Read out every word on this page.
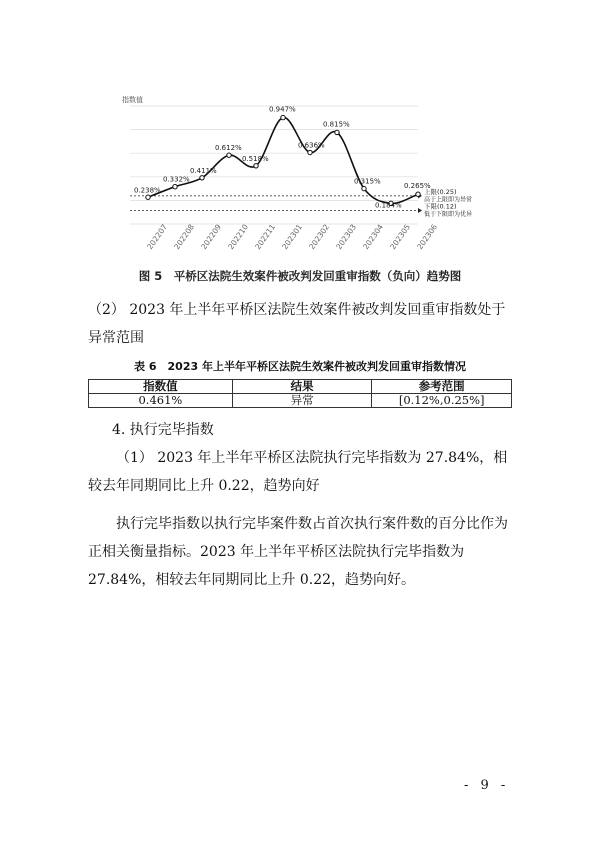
指数值
上限(0.25)
高于上限即为异常
下限(0.12)
低于下限即为优异
0.238%
0.332%
0.411%
0.612%
0.518%
0.947%
0.636%
0.815%
0.315%
0.184%
0.265%
202207 202208 202209 202210 202211 202301 202302 202303 202304 202305 202306
图 5　平桥区法院生效案件被改判发回重审指数（负向）趋势图
（2） 2023 年上半年平桥区法院生效案件被改判发回重审指数处于异常范围
表 6　2023 年上半年平桥区法院生效案件被改判发回重审指数情况
指数值	结果	参考范围
0.461%	异常	[0.12%,0.25%]
4. 执行完毕指数
（1） 2023 年上半年平桥区法院执行完毕指数为 27.84%，相较去年同期同比上升 0.22，趋势向好
执行完毕指数以执行完毕案件数占首次执行案件数的百分比作为正相关衡量指标。2023 年上半年平桥区法院执行完毕指数为 27.84%，相较去年同期同比上升 0.22，趋势向好。
- 9 -
